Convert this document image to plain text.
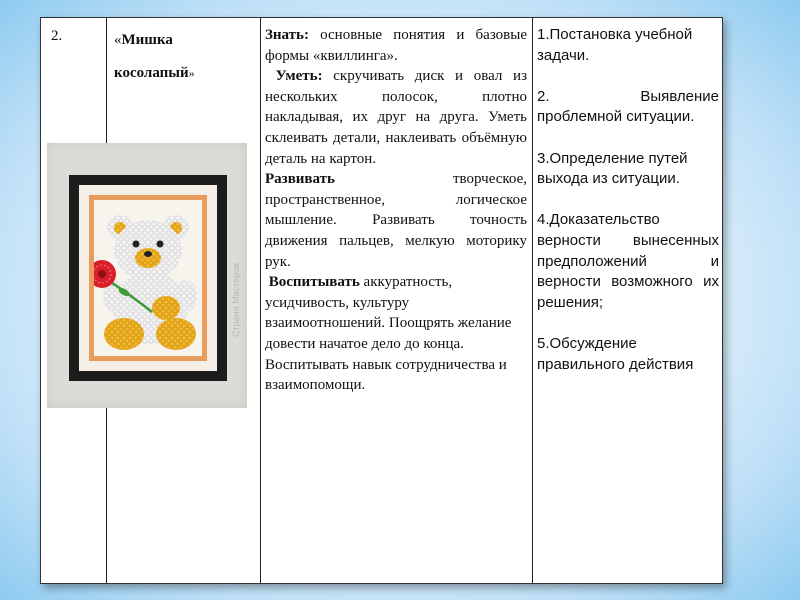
2.	«Мишка
косолапый»
Страна Мастеров

Знать: основные понятия и базовые формы «квиллинга».

Уметь: скручивать диск и овал из нескольких полосок, плотно накладывая, их друг на друга. Уметь склеивать детали, наклеивать объёмную деталь на картон.

Развивать творческое, пространственное, логическое мышление. Развивать точность движения пальцев, мелкую моторику рук.

Воспитывать аккуратность, усидчивость, культуру взаимоотношений. Поощрять желание довести начатое дело до конца. Воспитывать навык сотрудничества и взаимопомощи.

1.Постановка учебной задачи.

2. Выявление проблемной ситуации.

3.Определение путей выхода из ситуации.

4.Доказательство верности вынесенных предположений и верности возможного их решения;

5.Обсуждение правильного действия
